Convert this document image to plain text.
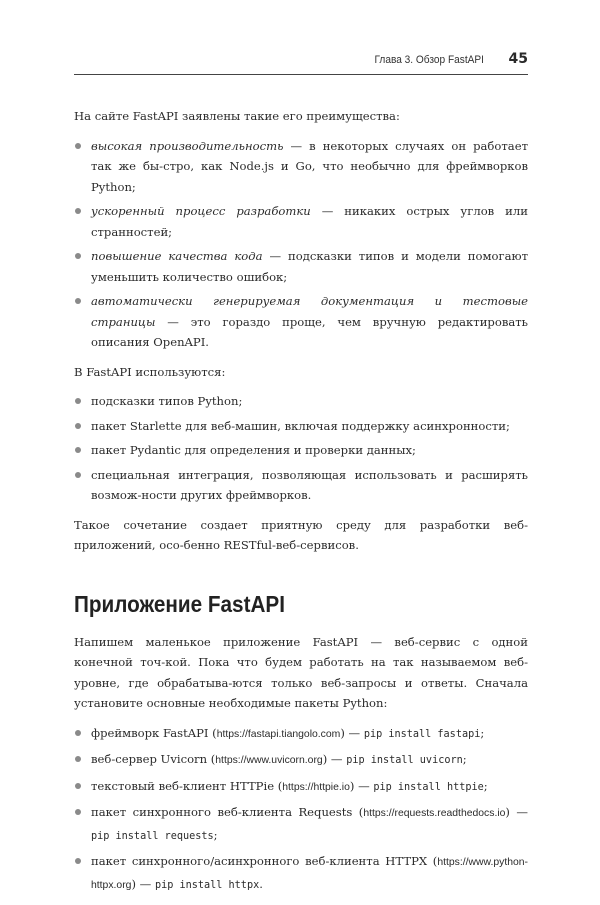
Глава 3. Обзор FastAPI 45

На сайте FastAPI заявлены такие его преимущества:

высокая производительность — в некоторых случаях он работает так же бы-стро, как Node.js и Go, что необычно для фреймворков Python;
ускоренный процесс разработки — никаких острых углов или странностей;
повышение качества кода — подсказки типов и модели помогают уменьшить количество ошибок;
автоматически генерируемая документация и тестовые страницы — это гораздо проще, чем вручную редактировать описания OpenAPI.

В FastAPI используются:

подсказки типов Python;
пакет Starlette для веб-машин, включая поддержку асинхронности;
пакет Pydantic для определения и проверки данных;
специальная интеграция, позволяющая использовать и расширять возмож-ности других фреймворков.

Такое сочетание создает приятную среду для разработки веб-приложений, осо-бенно RESTful-веб-сервисов.

Приложение FastAPI

Напишем маленькое приложение FastAPI — веб-сервис с одной конечной точ-кой. Пока что будем работать на так называемом веб-уровне, где обрабатыва-ются только веб-запросы и ответы. Сначала установите основные необходимые пакеты Python:

фреймворк FastAPI (https://fastapi.tiangolo.com) — pip install fastapi;
веб-сервер Uvicorn (https://www.uvicorn.org) — pip install uvicorn;
текстовый веб-клиент HTTPie (https://httpie.io) — pip install httpie;
пакет синхронного веб-клиента Requests (https://requests.readthedocs.io) — pip install requests;
пакет синхронного/асинхронного веб-клиента HTTPX (https://www.python-httpx.org) — pip install httpx.
